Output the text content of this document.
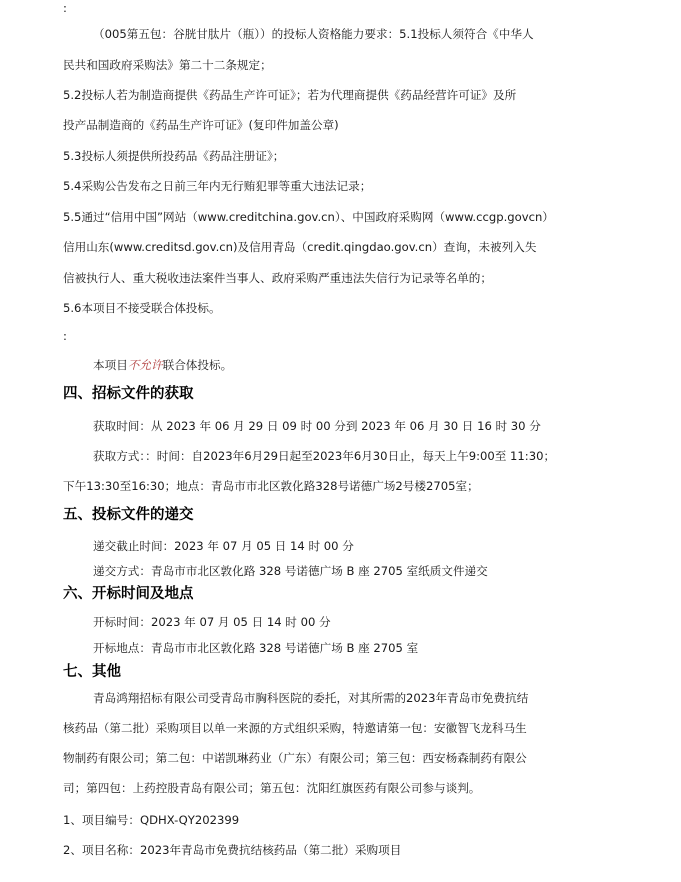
:
（005第五包：谷胱甘肽片（瓶））的投标人资格能力要求：5.1投标人须符合《中华人
民共和国政府采购法》第二十二条规定；
5.2投标人若为制造商提供《药品生产许可证》；若为代理商提供《药品经营许可证》及所
投产品制造商的《药品生产许可证》(复印件加盖公章)
5.3投标人须提供所投药品《药品注册证》；
5.4采购公告发布之日前三年内无行贿犯罪等重大违法记录；
5.5通过“信用中国”网站（www.creditchina.gov.cn）、中国政府采购网（www.ccgp.govcn）
信用山东(www.creditsd.gov.cn)及信用青岛（credit.qingdao.gov.cn）查询，未被列入失
信被执行人、重大税收违法案件当事人、政府采购严重违法失信行为记录等名单的；
5.6本项目不接受联合体投标。
:
本项目不允许联合体投标。
四、招标文件的获取
获取时间：从 2023 年 06 月 29 日 09 时 00 分到 2023 年 06 月 30 日 16 时 30 分
获取方式：：时间：自2023年6月29日起至2023年6月30日止，每天上午9:00至 11:30；
下午13:30至16:30；地点：青岛市市北区敦化路328号诺德广场2号楼2705室；
五、投标文件的递交
递交截止时间：2023 年 07 月 05 日 14 时 00 分
递交方式：青岛市市北区敦化路 328 号诺德广场 B 座 2705 室纸质文件递交
六、开标时间及地点
开标时间：2023 年 07 月 05 日 14 时 00 分
开标地点：青岛市市北区敦化路 328 号诺德广场 B 座 2705 室
七、其他
青岛鸿翔招标有限公司受青岛市胸科医院的委托，对其所需的2023年青岛市免费抗结
核药品（第二批）采购项目以单一来源的方式组织采购，特邀请第一包：安徽智飞龙科马生
物制药有限公司；第二包：中诺凯琳药业（广东）有限公司；第三包：西安杨森制药有限公
司；第四包：上药控股青岛有限公司；第五包：沈阳红旗医药有限公司参与谈判。
1、项目编号：QDHX-QY202399
2、项目名称：2023年青岛市免费抗结核药品（第二批）采购项目
